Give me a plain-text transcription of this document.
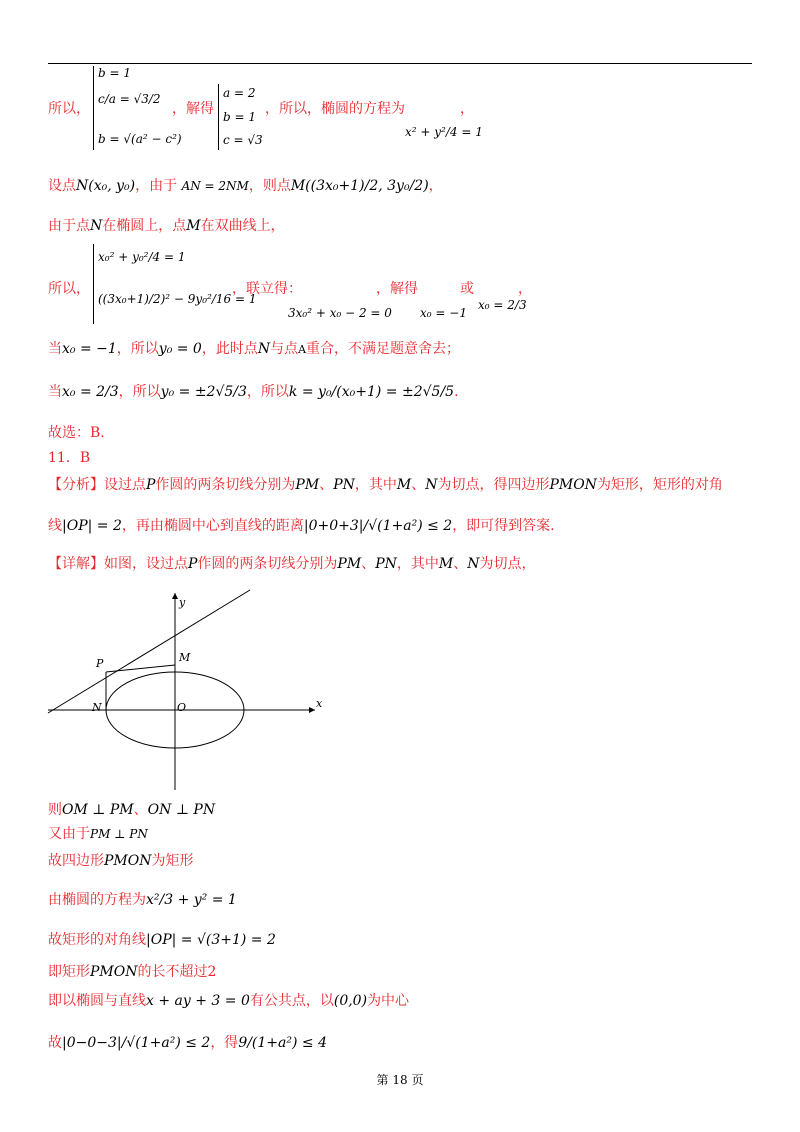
所以，
b = 1
c/a = √3/2
b = √(a² − c²)
，解得
a = 2
b = 1
c = √3
，所以，椭圆的方程为	，
x² + y²/4 = 1
设点N(x₀, y₀)，由于 AN = 2NM，则点M((3x₀+1)/2, 3y₀/2)，
由于点N在椭圆上，点M在双曲线上，
所以，
x₀² + y₀²/4 = 1
((3x₀+1)/2)² − 9y₀²/16 = 1
，联立得：	，解得	或	，
3x₀² + x₀ − 2 = 0 x₀ = −1
x₀ = 2/3
当x₀ = −1，所以y₀ = 0，此时点N与点A重合，不满足题意舍去；
当x₀ = 2/3，所以y₀ = ±2√5/3，所以k = y₀/(x₀+1) = ±2√5/5.
故选：B.
11．B
【分析】设过点P作圆的两条切线分别为PM、PN，其中M、N为切点，得四边形PMON为矩形，矩形的对角
线|OP| = 2，再由椭圆中心到直线的距离|0+0+3|/√(1+a²) ≤ 2，即可得到答案.
【详解】如图，设过点P作圆的两条切线分别为PM、PN，其中M、N为切点，
y
x
P	M
N	O
则OM ⊥ PM、ON ⊥ PN
又由于PM ⊥ PN
故四边形PMON为矩形
由椭圆的方程为x²/3 + y² = 1
故矩形的对角线|OP| = √(3+1) = 2
即矩形PMON的长不超过2
即以椭圆与直线x + ay + 3 = 0有公共点，以(0,0)为中心
故|0−0−3|/√(1+a²) ≤ 2，得9/(1+a²) ≤ 4
第 18 页
